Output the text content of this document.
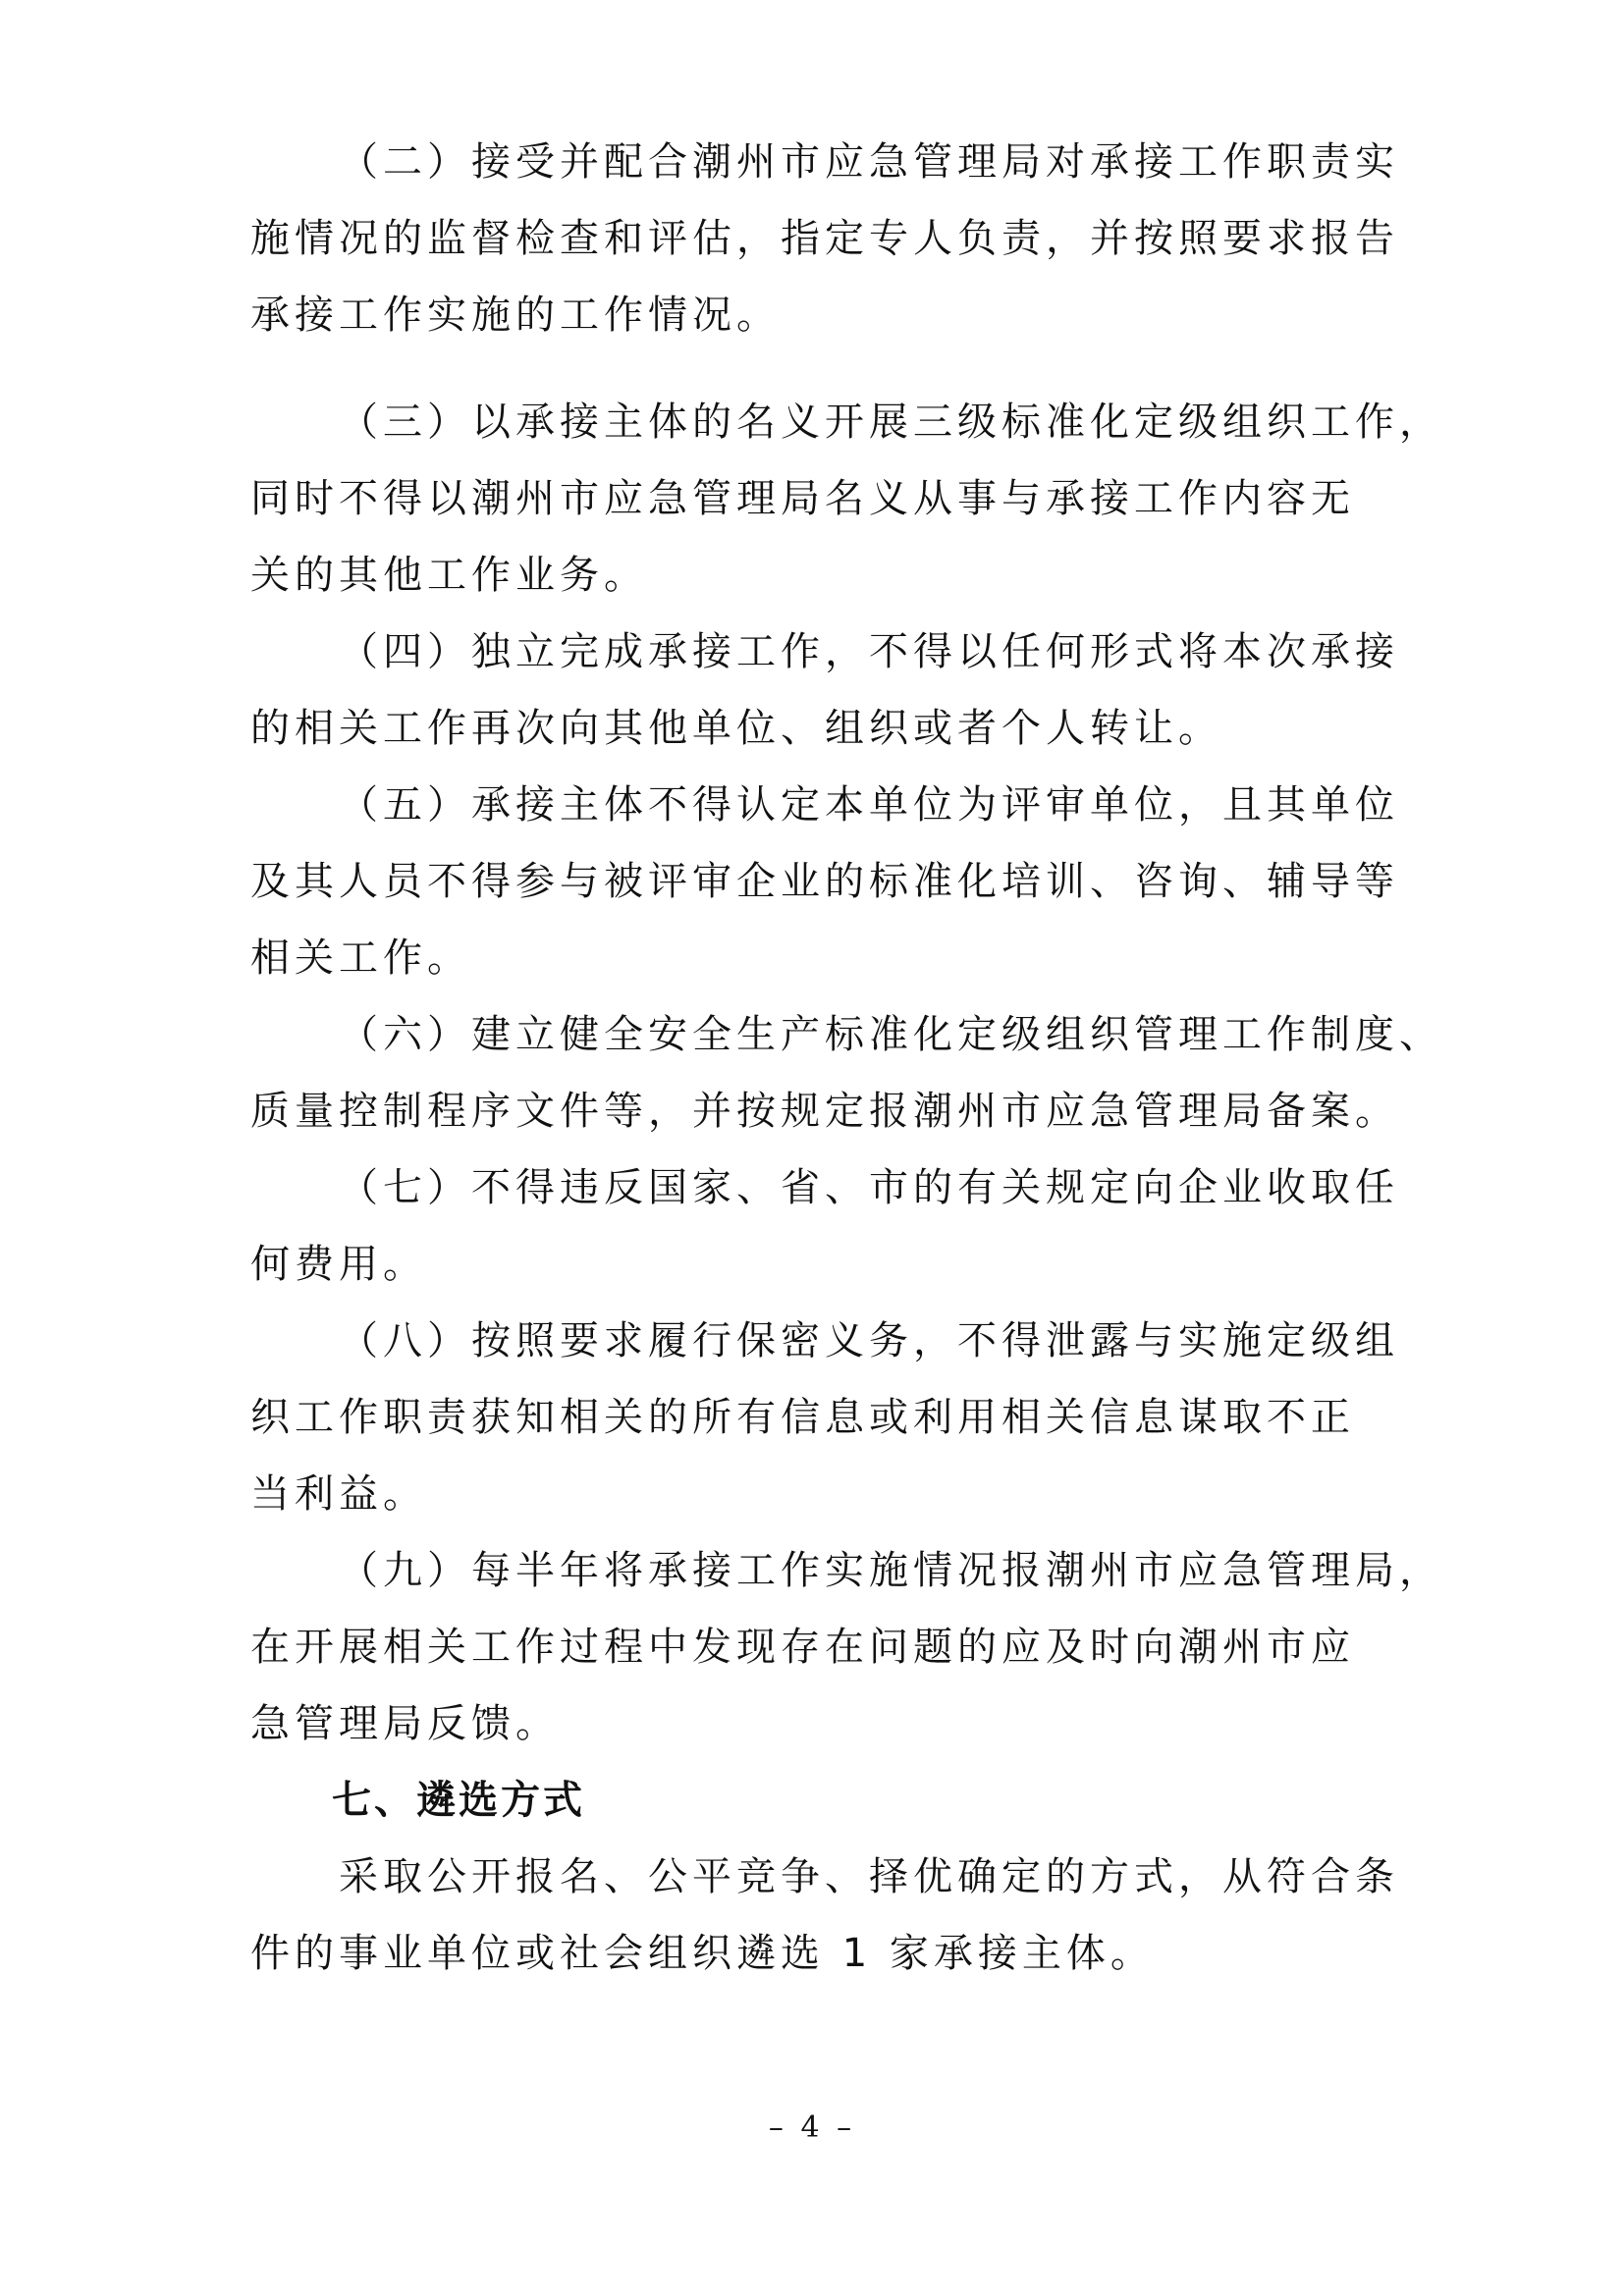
（二）接受并配合潮州市应急管理局对承接工作职责实
施情况的监督检查和评估，指定专人负责，并按照要求报告
承接工作实施的工作情况。
（三）以承接主体的名义开展三级标准化定级组织工作，
同时不得以潮州市应急管理局名义从事与承接工作内容无
关的其他工作业务。
（四）独立完成承接工作，不得以任何形式将本次承接
的相关工作再次向其他单位、组织或者个人转让。
（五）承接主体不得认定本单位为评审单位，且其单位
及其人员不得参与被评审企业的标准化培训、咨询、辅导等
相关工作。
（六）建立健全安全生产标准化定级组织管理工作制度、
质量控制程序文件等，并按规定报潮州市应急管理局备案。
（七）不得违反国家、省、市的有关规定向企业收取任
何费用。
（八）按照要求履行保密义务，不得泄露与实施定级组
织工作职责获知相关的所有信息或利用相关信息谋取不正
当利益。
（九）每半年将承接工作实施情况报潮州市应急管理局，
在开展相关工作过程中发现存在问题的应及时向潮州市应
急管理局反馈。
七、遴选方式
采取公开报名、公平竞争、择优确定的方式，从符合条
件的事业单位或社会组织遴选 1 家承接主体。
– 4 –
